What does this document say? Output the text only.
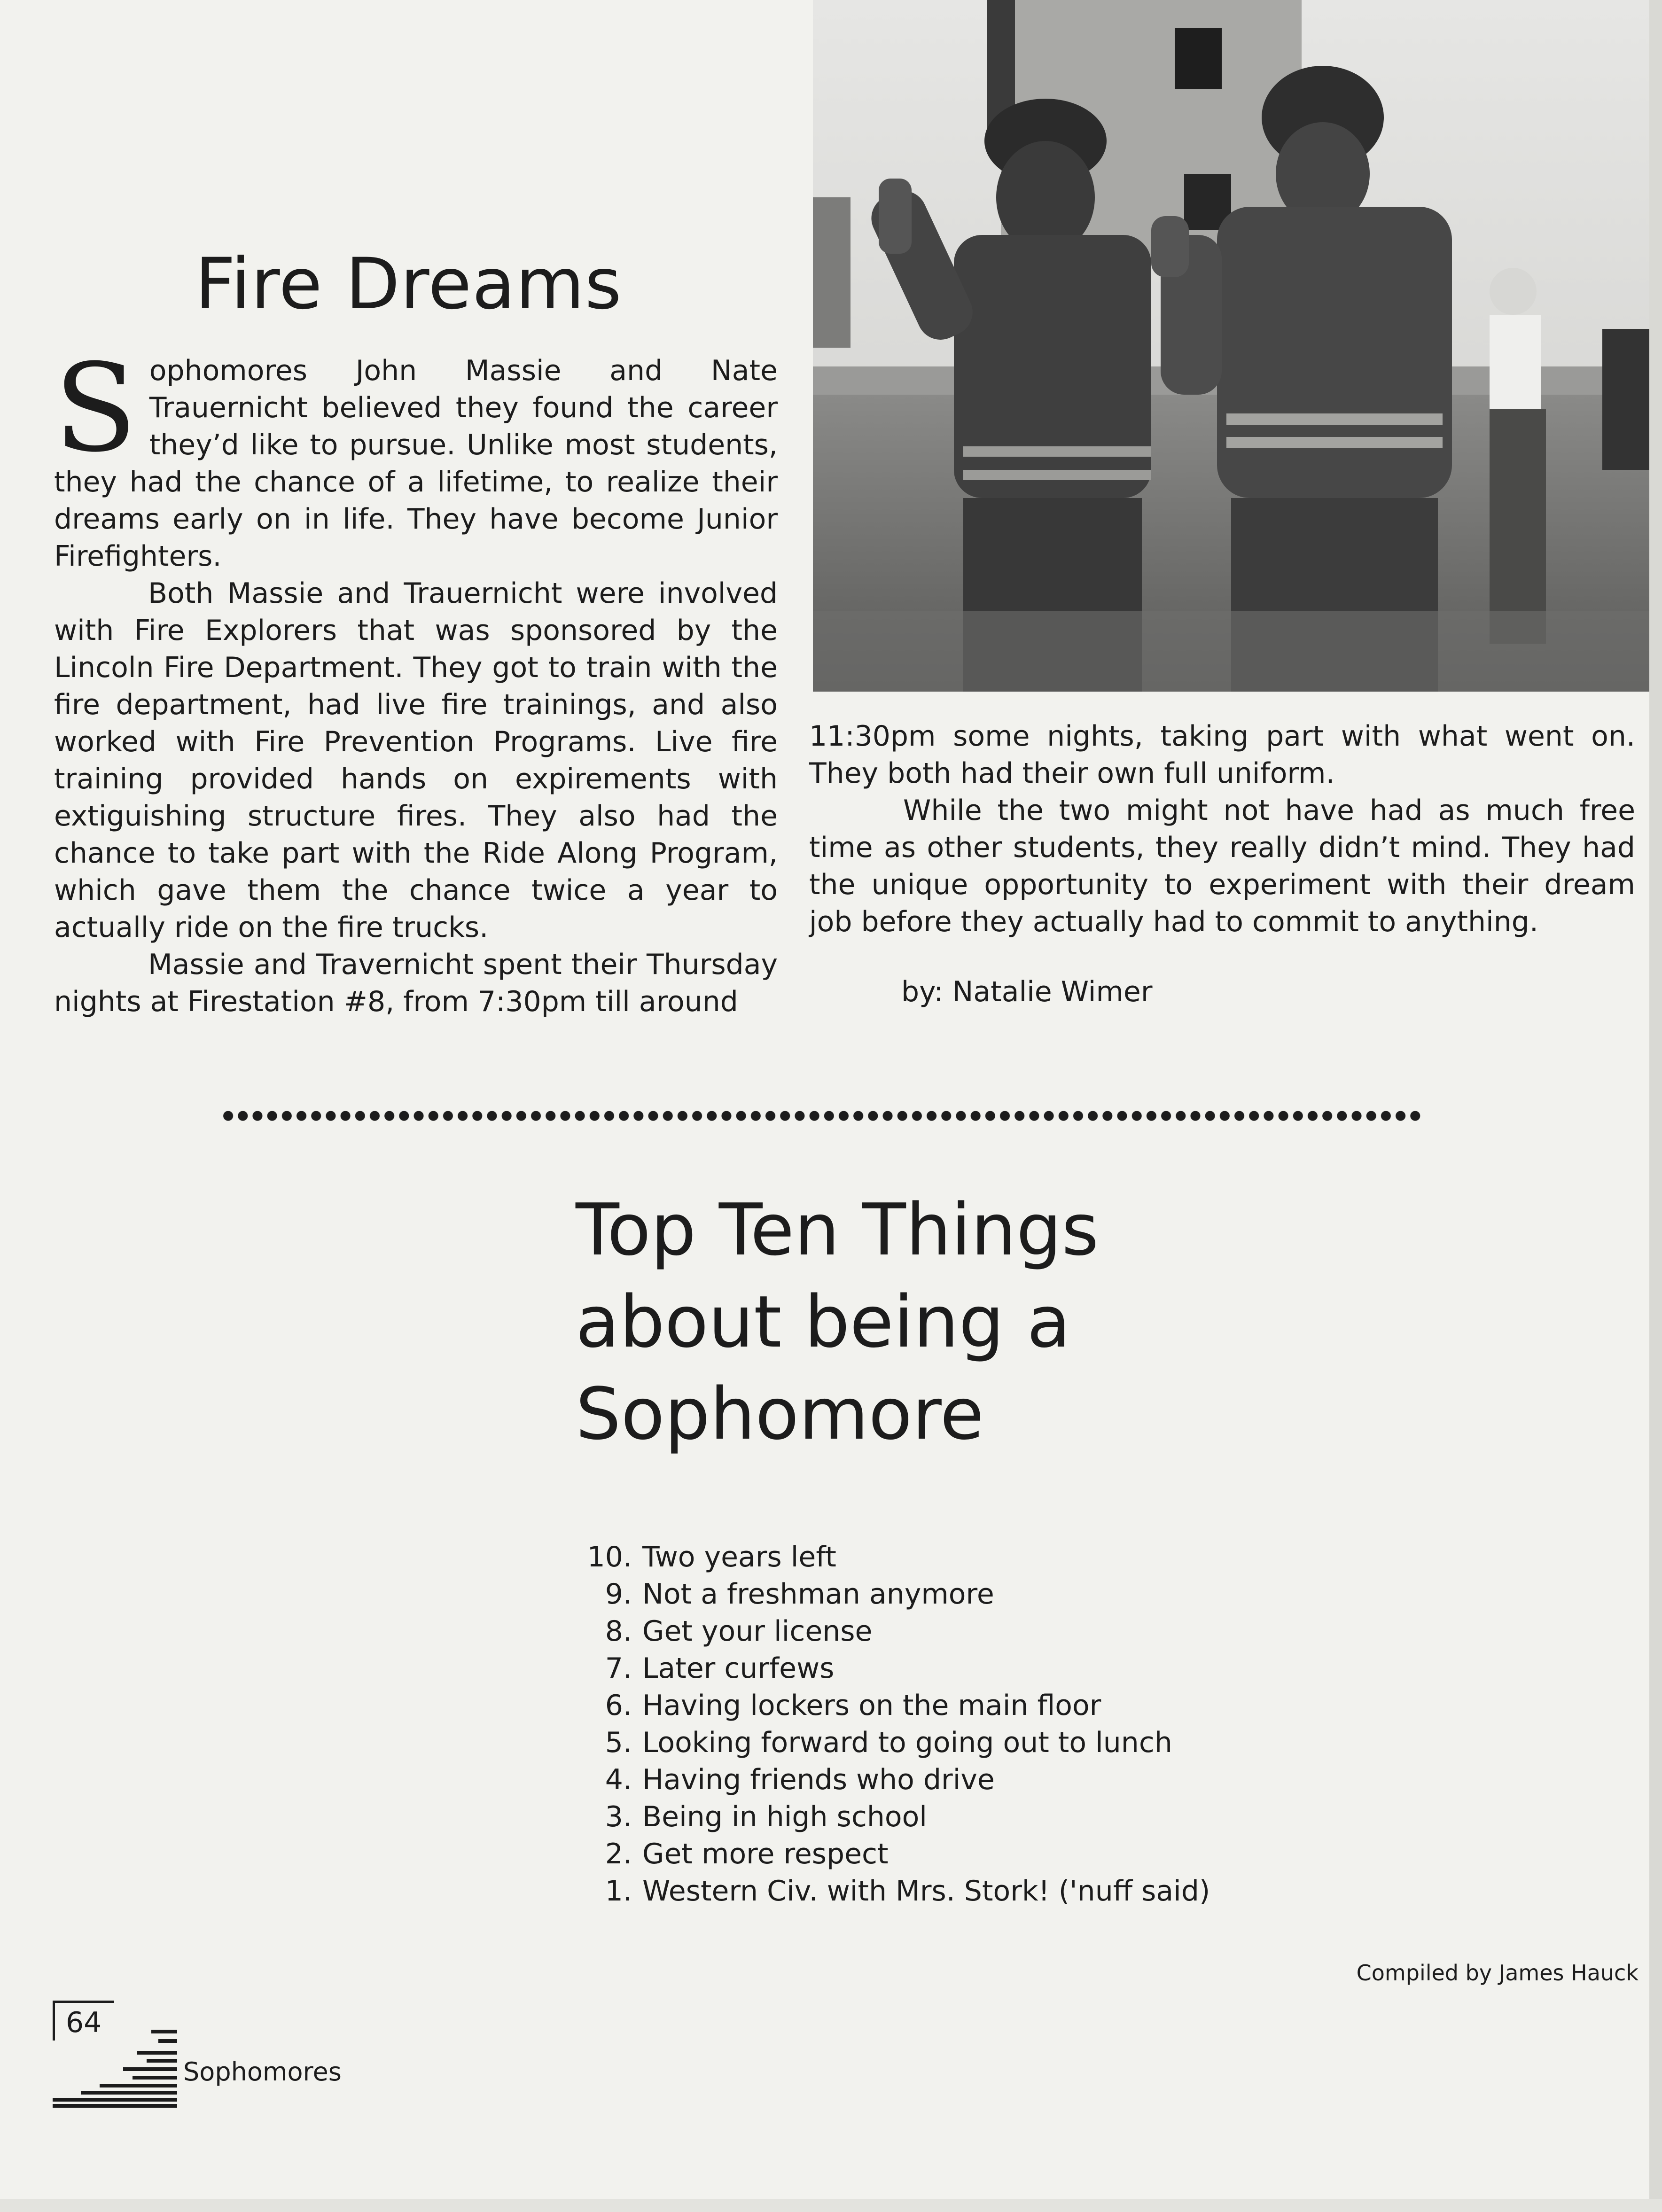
Fire Dreams

Sophomores John Massie and Nate Trauernicht believed they found the career they’d like to pursue. Unlike most students, they had the chance of a lifetime, to realize their dreams early on in life. They have become Junior Firefighters.

Both Massie and Trauernicht were involved with Fire Explorers that was sponsored by the Lincoln Fire Department. They got to train with the fire department, had live fire trainings, and also worked with Fire Prevention Programs. Live fire training provided hands on expirements with extiguishing structure fires. They also had the chance to take part with the Ride Along Program, which gave them the chance twice a year to actually ride on the fire trucks.

Massie and Travernicht spent their Thursday nights at Firestation #8, from 7:30pm till around

11:30pm some nights, taking part with what went on. They both had their own full uniform.

While the two might not have had as much free time as other students, they really didn’t mind. They had the unique opportunity to experiment with their dream job before they actually had to commit to anything.

by: Natalie Wimer
Top Ten Things
about being a
Sophomore
10. Two years left
9. Not a freshman anymore
8. Get your license
7. Later curfews
6. Having lockers on the main floor
5. Looking forward to going out to lunch
4. Having friends who drive
3. Being in high school
2. Get more respect
1. Western Civ. with Mrs. Stork! ('nuff said)
Compiled by James Hauck
64
Sophomores
